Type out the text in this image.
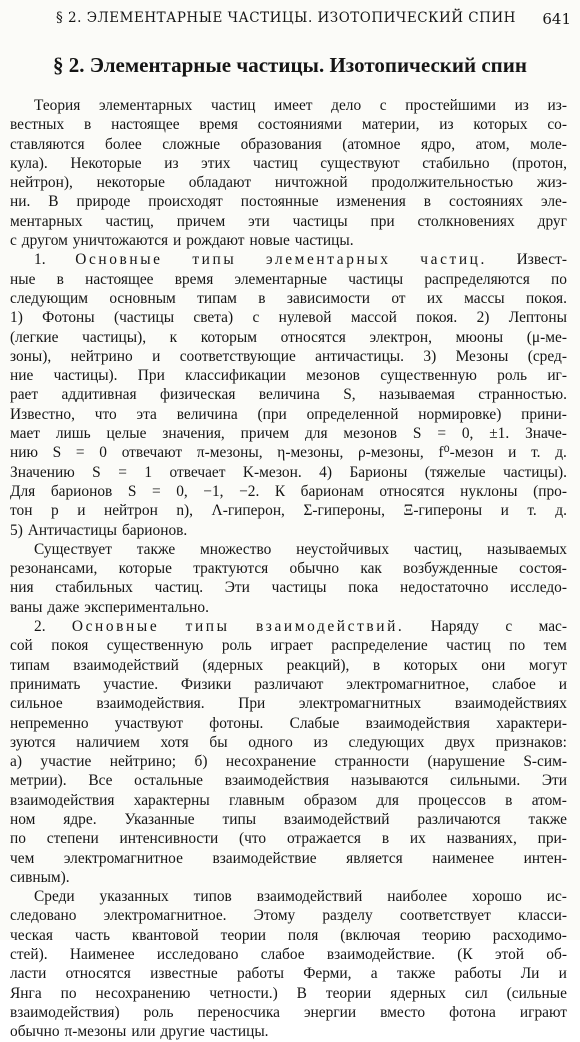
§ 2. ЭЛЕМЕНТАРНЫЕ ЧАСТИЦЫ. ИЗОТОПИЧЕСКИЙ СПИН 641
§ 2. Элементарные частицы. Изотопический спин
Теория элементарных частиц имеет дело с простейшими из из-
вестных в настоящее время состояниями материи, из которых со-
ставляются более сложные образования (атомное ядро, атом, моле-
кула). Некоторые из этих частиц существуют стабильно (протон,
нейтрон), некоторые обладают ничтожной продолжительностью жиз-
ни. В природе происходят постоянные изменения в состояниях эле-
ментарных частиц, причем эти частицы при столкновениях друг
с другом уничтожаются и рождают новые частицы.
1. Основные типы элементарных частиц. Извест-
ные в настоящее время элементарные частицы распределяются по
следующим основным типам в зависимости от их массы покоя.
1) Фотоны (частицы света) с нулевой массой покоя. 2) Лептоны
(легкие частицы), к которым относятся электрон, мюоны (μ-ме-
зоны), нейтрино и соответствующие античастицы. 3) Мезоны (сред-
ние частицы). При классификации мезонов существенную роль иг-
рает аддитивная физическая величина S, называемая странностью.
Известно, что эта величина (при определенной нормировке) прини-
мает лишь целые значения, причем для мезонов S = 0, ±1. Значе-
нию S = 0 отвечают π-мезоны, η-мезоны, ρ-мезоны, f⁰-мезон и т. д.
Значению S = 1 отвечает K-мезон. 4) Барионы (тяжелые частицы).
Для барионов S = 0, −1, −2. К барионам относятся нуклоны (про-
тон p и нейтрон n), Λ-гиперон, Σ-гипероны, Ξ-гипероны и т. д.
5) Античастицы барионов.
Существует также множество неустойчивых частиц, называемых
резонансами, которые трактуются обычно как возбужденные состоя-
ния стабильных частиц. Эти частицы пока недостаточно исследо-
ваны даже экспериментально.
2. Основные типы взаимодействий. Наряду с мас-
сой покоя существенную роль играет распределение частиц по тем
типам взаимодействий (ядерных реакций), в которых они могут
принимать участие. Физики различают электромагнитное, слабое и
сильное взаимодействия. При электромагнитных взаимодействиях
непременно участвуют фотоны. Слабые взаимодействия характери-
зуются наличием хотя бы одного из следующих двух признаков:
а) участие нейтрино; б) несохранение странности (нарушение S-сим-
метрии). Все остальные взаимодействия называются сильными. Эти
взаимодействия характерны главным образом для процессов в атом-
ном ядре. Указанные типы взаимодействий различаются также
по степени интенсивности (что отражается в их названиях, при-
чем электромагнитное взаимодействие является наименее интен-
сивным).
Среди указанных типов взаимодействий наиболее хорошо ис-
следовано электромагнитное. Этому разделу соответствует класси-
ческая часть квантовой теории поля (включая теорию расходимо-
стей). Наименее исследовано слабое взаимодействие. (К этой об-
ласти относятся известные работы Ферми, а также работы Ли и
Янга по несохранению четности.) В теории ядерных сил (сильные
взаимодействия) роль переносчика энергии вместо фотона играют
обычно π-мезоны или другие частицы.
